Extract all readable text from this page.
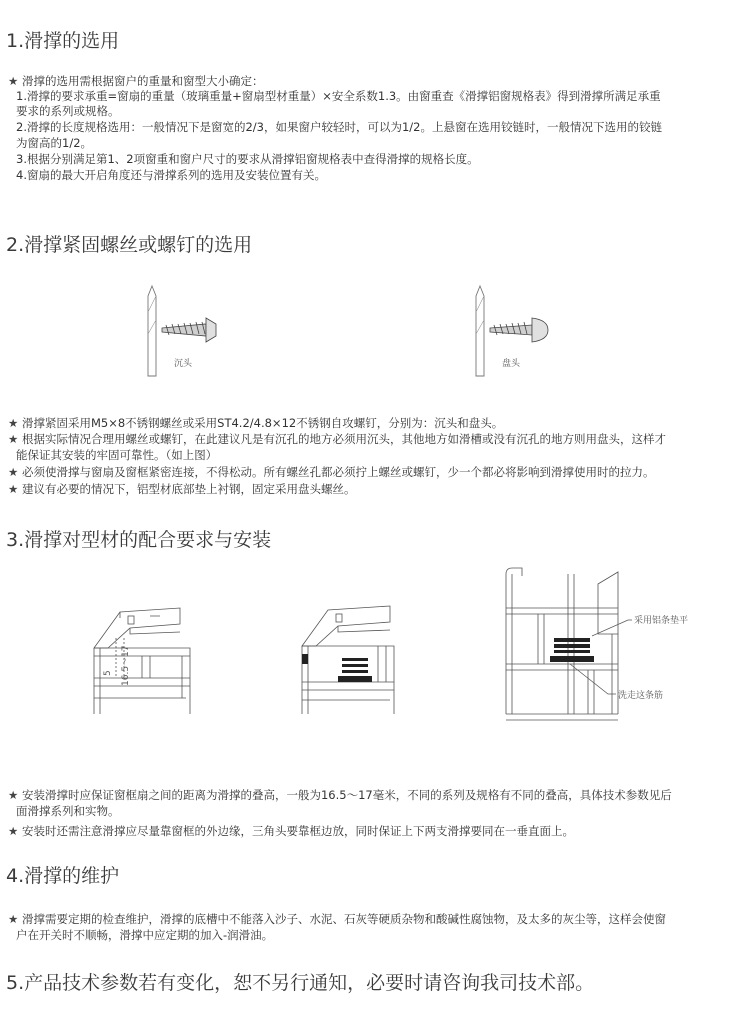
1.滑撑的选用
★ 滑撑的选用需根据窗户的重量和窗型大小确定：
1.滑撑的要求承重=窗扇的重量（玻璃重量+窗扇型材重量）×安全系数1.3。由窗重查《滑撑铝窗规格表》得到滑撑所满足承重
要求的系列或规格。
2.滑撑的长度规格选用：一般情况下是窗宽的2/3，如果窗户较轻时，可以为1/2。上悬窗在选用铰链时，一般情况下选用的铰链
为窗高的1/2。
3.根据分别满足第1、2项窗重和窗户尺寸的要求从滑撑铝窗规格表中查得滑撑的规格长度。
4.窗扇的最大开启角度还与滑撑系列的选用及安装位置有关。
2.滑撑紧固螺丝或螺钉的选用
沉头	盘头
★ 滑撑紧固采用M5×8不锈钢螺丝或采用ST4.2/4.8×12不锈钢自攻螺钉，分别为：沉头和盘头。
★ 根据实际情况合理用螺丝或螺钉，在此建议凡是有沉孔的地方必须用沉头，其他地方如滑槽或没有沉孔的地方则用盘头，这样才
能保证其安装的牢固可靠性。（如上图）
★ 必须使滑撑与窗扇及窗框紧密连接，不得松动。所有螺丝孔都必须拧上螺丝或螺钉，少一个都必将影响到滑撑使用时的拉力。
★ 建议有必要的情况下，铝型材底部垫上衬钢，固定采用盘头螺丝。
3.滑撑对型材的配合要求与安装
5 16.5～17
采用铝条垫平
洗走这条筋
★ 安装滑撑时应保证窗框扇之间的距离为滑撑的叠高，一般为16.5～17毫米，不同的系列及规格有不同的叠高，具体技术参数见后
面滑撑系列和实物。
★ 安装时还需注意滑撑应尽量靠窗框的外边缘，三角头要靠框边放，同时保证上下两支滑撑要同在一垂直面上。
4.滑撑的维护
★ 滑撑需要定期的检查维护，滑撑的底槽中不能落入沙子、水泥、石灰等硬质杂物和酸碱性腐蚀物，及太多的灰尘等，这样会使窗
户在开关时不顺畅，滑撑中应定期的加入-润滑油。
5.产品技术参数若有变化，恕不另行通知，必要时请咨询我司技术部。
